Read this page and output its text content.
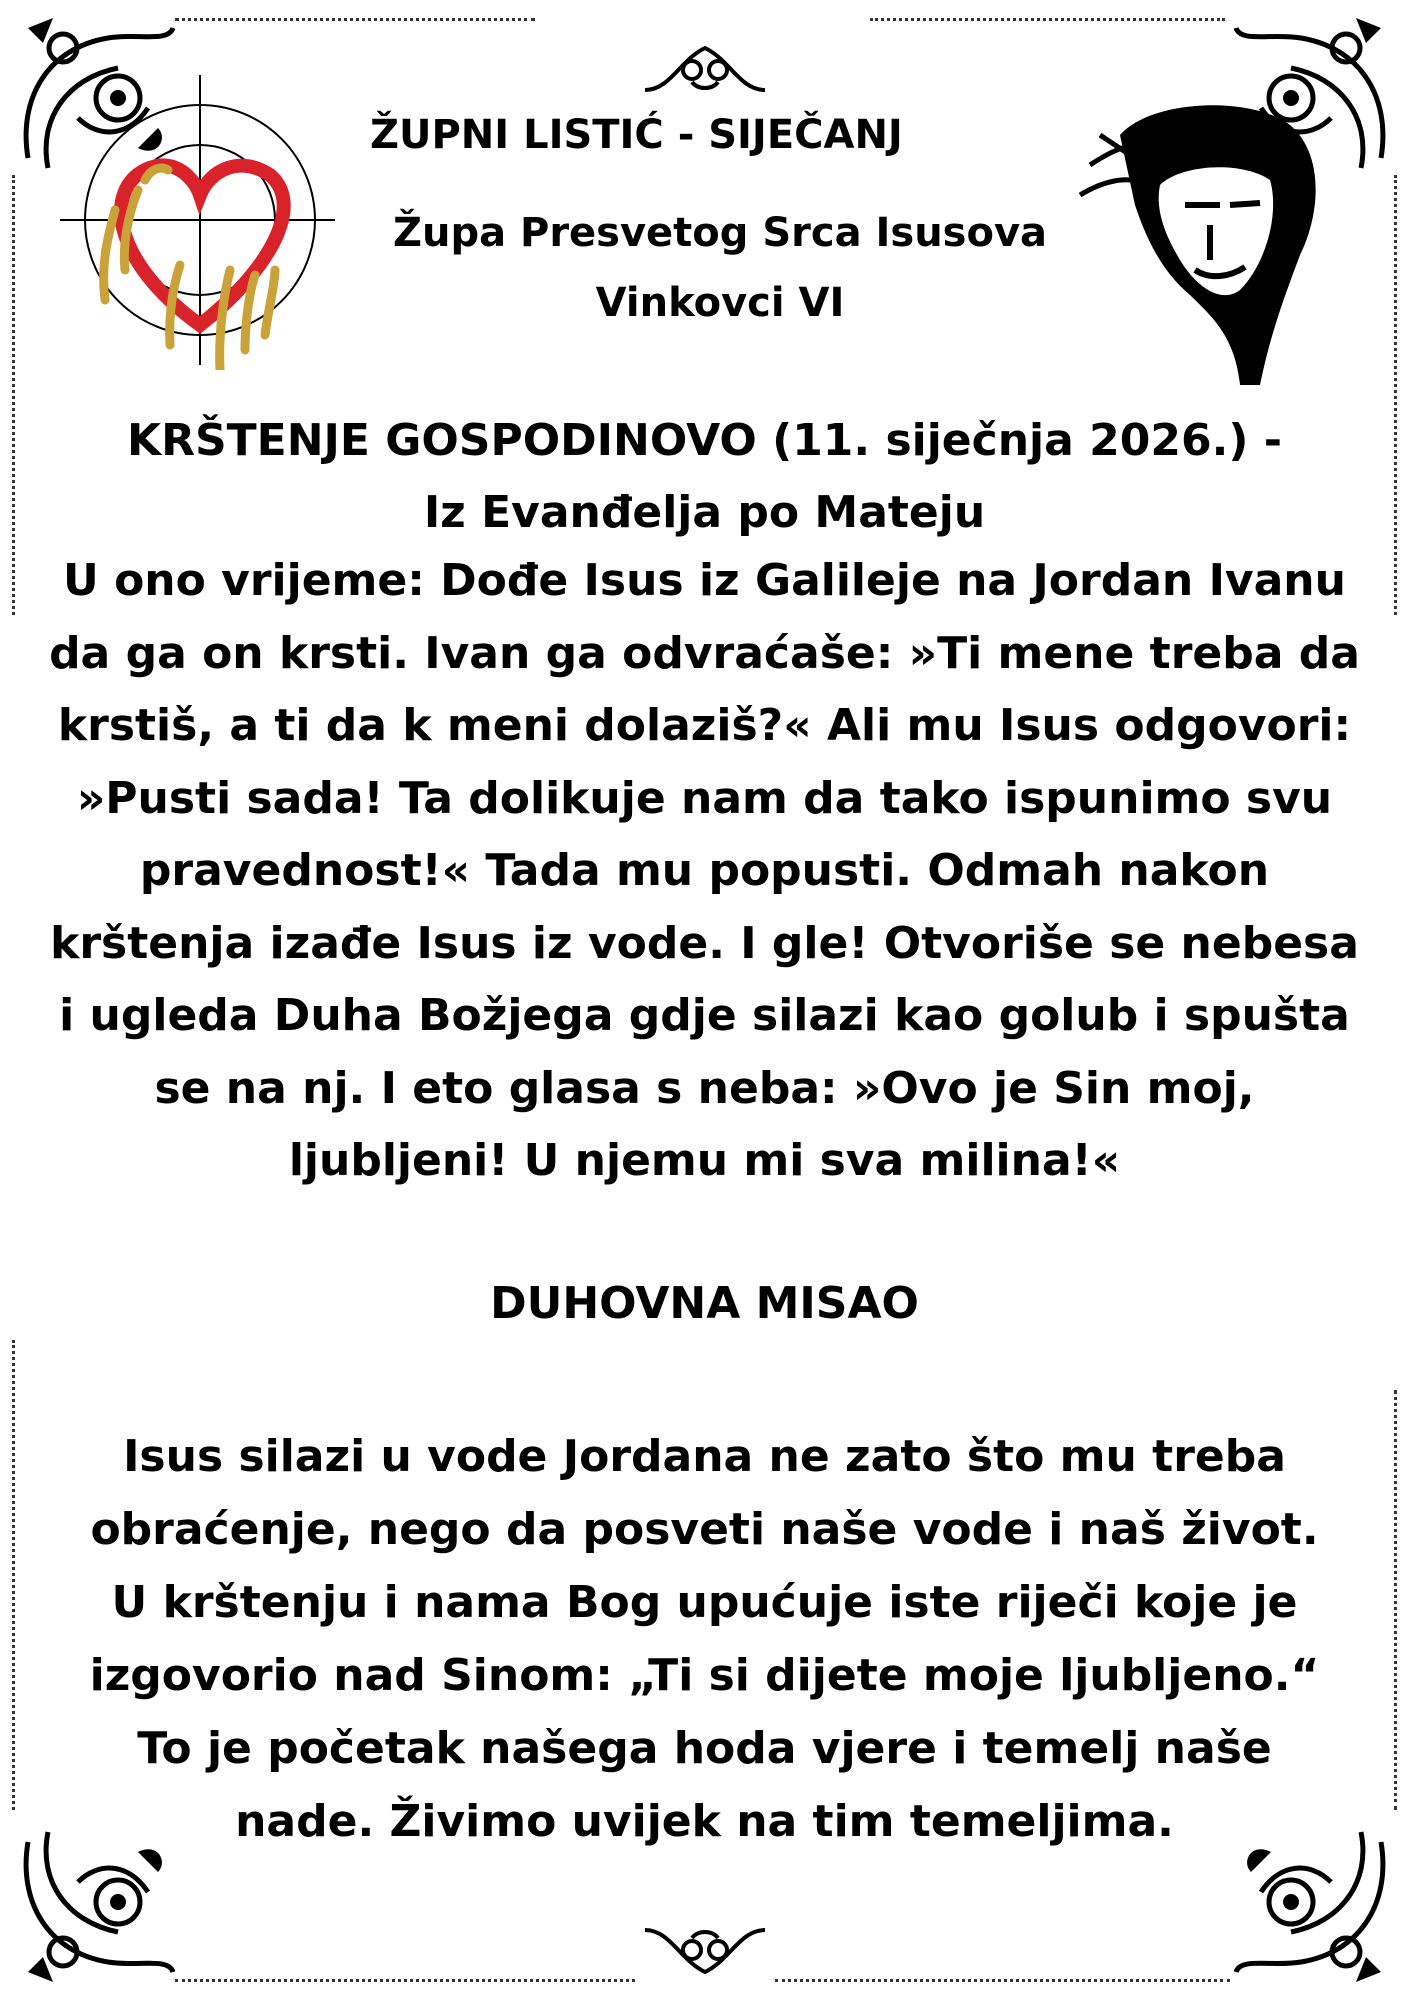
ŽUPNI LISTIĆ - SIJEČANJ
Župa Presvetog Srca Isusova
Vinkovci VI
KRŠTENJE GOSPODINOVO (11. siječnja 2026.) -
Iz Evanđelja po Mateju
U ono vrijeme: Dođe Isus iz Galileje na Jordan Ivanu da ga on krsti. Ivan ga odvraćaše: »Ti mene treba da krstiš, a ti da k meni dolaziš?« Ali mu Isus odgovori: »Pusti sada! Ta dolikuje nam da tako ispunimo svu pravednost!« Tada mu popusti. Odmah nakon krštenja izađe Isus iz vode. I gle! Otvoriše se nebesa i ugleda Duha Božjega gdje silazi kao golub i spušta se na nj. I eto glasa s neba: »Ovo je Sin moj, ljubljeni! U njemu mi sva milina!«
DUHOVNA MISAO
Isus silazi u vode Jordana ne zato što mu treba obraćenje, nego da posveti naše vode i naš život. U krštenju i nama Bog upućuje iste riječi koje je izgovorio nad Sinom: „Ti si dijete moje ljubljeno.“ To je početak našega hoda vjere i temelj naše nade. Živimo uvijek na tim temeljima.
